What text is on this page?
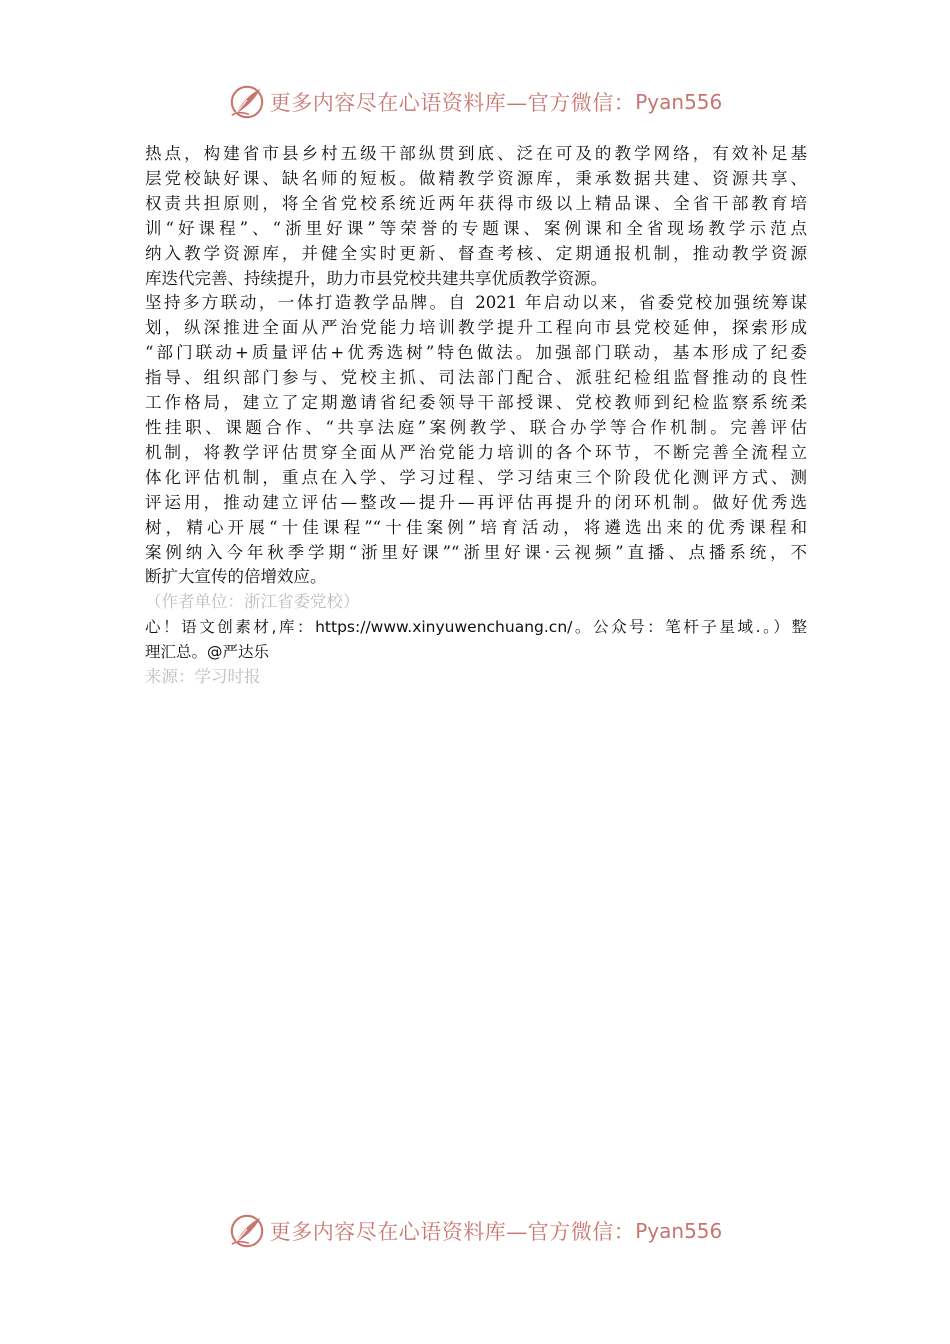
更多内容尽在心语资料库—官方微信： Pyan556

热点，构建省市县乡村五级干部纵贯到底、泛在可及的教学网络，有效补足基
层党校缺好课、缺名师的短板。做精教学资源库，秉承数据共建、资源共享、
权责共担原则，将全省党校系统近两年获得市级以上精品课、全省干部教育培
训“好课程”、“浙里好课”等荣誉的专题课、案例课和全省现场教学示范点
纳入教学资源库，并健全实时更新、督查考核、定期通报机制，推动教学资源
库迭代完善、持续提升，助力市县党校共建共享优质教学资源。

坚持多方联动，一体打造教学品牌。自 2021 年启动以来，省委党校加强统筹谋
划，纵深推进全面从严治党能力培训教学提升工程向市县党校延伸，探索形成
“部门联动+质量评估+优秀选树”特色做法。加强部门联动，基本形成了纪委
指导、组织部门参与、党校主抓、司法部门配合、派驻纪检组监督推动的良性
工作格局，建立了定期邀请省纪委领导干部授课、党校教师到纪检监察系统柔
性挂职、课题合作、“共享法庭”案例教学、联合办学等合作机制。完善评估
机制，将教学评估贯穿全面从严治党能力培训的各个环节，不断完善全流程立
体化评估机制，重点在入学、学习过程、学习结束三个阶段优化测评方式、测
评运用，推动建立评估—整改—提升—再评估再提升的闭环机制。做好优秀选
树，精心开展“十佳课程”“十佳案例”培育活动，将遴选出来的优秀课程和
案例纳入今年秋季学期“浙里好课”“浙里好课·云视频”直播、点播系统，不
断扩大宣传的倍增效应。

（作者单位：浙江省委党校）

心！语文创素材,库：https://www.xinyuwenchuang.cn/。公众号：笔杆子星域.。）整
理汇总。@严达乐

来源：学习时报

更多内容尽在心语资料库—官方微信： Pyan556
